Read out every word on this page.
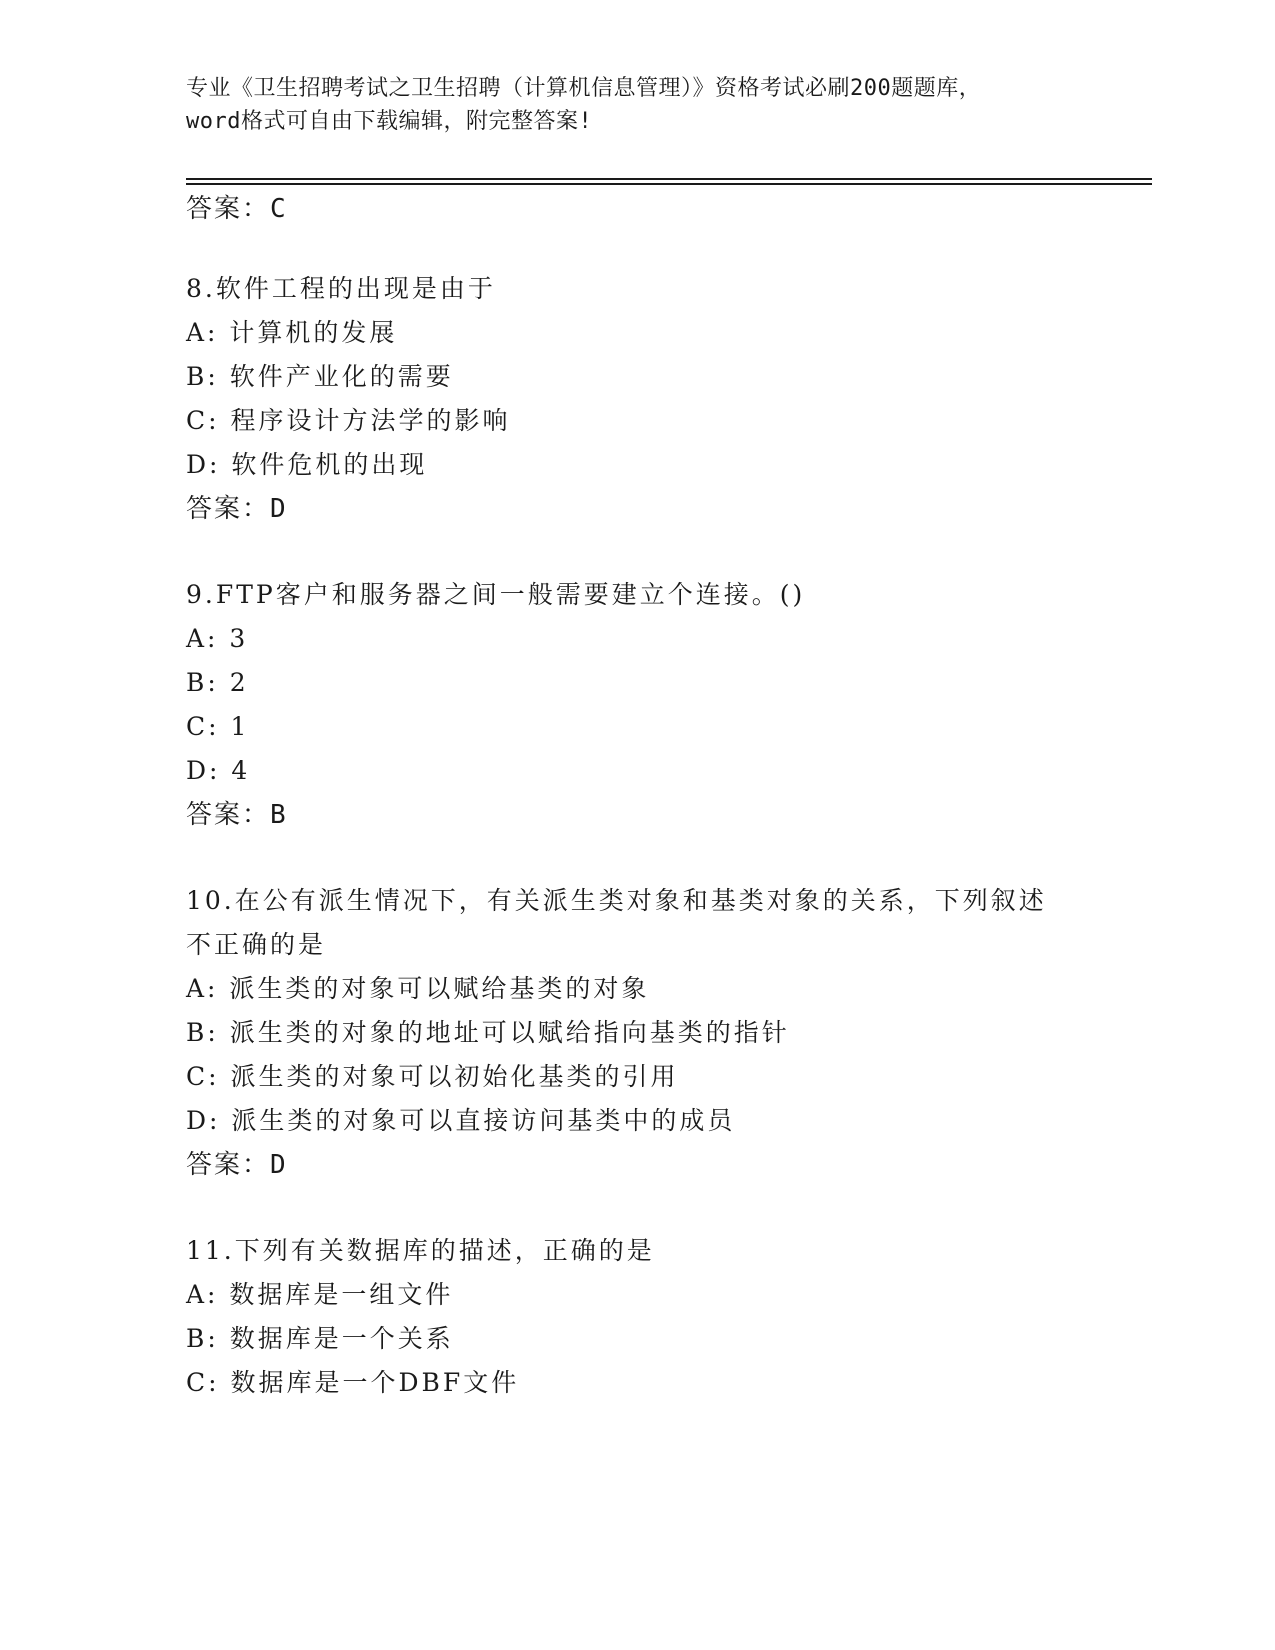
专业《卫生招聘考试之卫生招聘（计算机信息管理）》资格考试必刷200题题库，
word格式可自由下载编辑，附完整答案!
答案：C
8.软件工程的出现是由于
A: 计算机的发展
B: 软件产业化的需要
C: 程序设计方法学的影响
D: 软件危机的出现
答案：D
9.FTP客户和服务器之间一般需要建立个连接。()
A: 3
B: 2
C: 1
D: 4
答案：B
10.在公有派生情况下，有关派生类对象和基类对象的关系，下列叙述
不正确的是
A: 派生类的对象可以赋给基类的对象
B: 派生类的对象的地址可以赋给指向基类的指针
C: 派生类的对象可以初始化基类的引用
D: 派生类的对象可以直接访问基类中的成员
答案：D
11.下列有关数据库的描述，正确的是
A: 数据库是一组文件
B: 数据库是一个关系
C: 数据库是一个DBF文件
